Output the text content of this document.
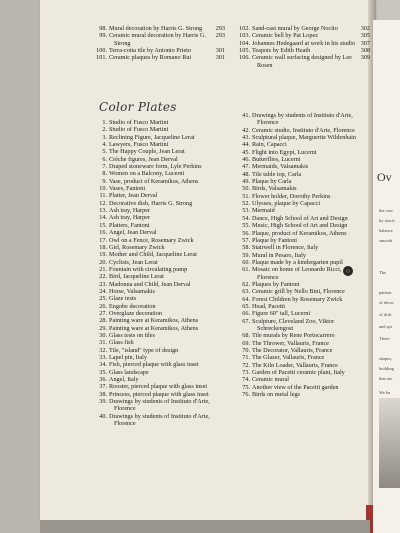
98. Mural decoration by Harris G. Strong	293
99. Ceramic mural decoration by Harris G. Strong
293
100. Terra-cotta tile by Antonio Prieto	301
101. Ceramic plaques by Romano Rui	301
102. Sand-cast mural by George Nocito	302
103. Ceramic bell by Pat Lopez	305
104. Johannes Hedegaard at work in his studio 307
105. Teapots by Edith Heath	308
106. Ceramic wall surfacing designed by Lee Rosen
309
Color Plates
1. Studio of Fusco Martini
2. Studio of Fusco Martini
3. Reclining Figure, Jacqueline Lerat
4. Lawyers, Fusco Martini
5. The Happy Couple, Jean Lerat
6. Crèche figures, Jean Derval
7. Draped stoneware form, Lyle Perkins
8. Women on a Balcony, Lucerni
9. Vase, product of Keramikos, Athens
10. Vases, Fantoni
11. Platter, Jean Derval
12. Decorative dish, Harris G. Strong
13. Ash tray, Harper
14. Ash tray, Harper
15. Platters, Fantoni
16. Angel, Jean Derval
17. Owl on a Fence, Rosemary Zwick
18. Girl, Rosemary Zwick
19. Mother and Child, Jacqueline Lerat
20. Cyclists, Jean Lerat
21. Fountain with circulating pump
22. Bird, Jacqueline Lerat
23. Madonna and Child, Jean Derval
24. Horse, Valsamakis
25. Glaze tests
26. Engobe decoration
27. Overglaze decoration
28. Painting ware at Keramikos, Athens
29. Painting ware at Keramikos, Athens
30. Glass tests on tiles
31. Glass fish
32. Tile, "island" type of design
33. Lapel pin, Italy
34. Fish, pierced plaque with glass inset
35. Glass landscape
36. Angel, Italy
37. Rooster, pierced plaque with glass inset
38. Princess, pierced plaque with glass inset
39. Drawings by students of Instituto d'Arte, Florence
40. Drawings by students of Instituto d'Arte, Florence
41. Drawings by students of Instituto d'Arte, Florence
42. Ceramic studio, Instituto d'Arte, Florence
43. Sculptural plaque, Marguerite Wildenhain
44. Rain, Capacci
45. Flight into Egypt, Lucerni
46. Butterflies, Lucerni
47. Mermaids, Valsamakis
48. Tile table top, Carla
49. Plaque by Carla
50. Birds, Valsamakis
51. Flower holder, Dorothy Perkins
52. Ulysses, plaque by Capacci
53. Mermaid
54. Dance, High School of Art and Design
55. Music, High School of Art and Design
56. Plaque, product of Keramikos, Athens
57. Plaque by Fantoni
58. Stairwell in Florence, Italy
59. Mural in Pesaro, Italy
60. Plaque made by a kindergarten pupil
61. Mosaic on home of Leonardo Ricci, Florence
62. Plaques by Fantoni
63. Ceramic grill by Nello Bini, Florence
64. Forest Children by Rosemary Zwick
65. Head, Pacetti
66. Figure 60" tall, Lucerni
67. Sculpture, Cleveland Zoo, Viktor Schreckengost
68. Tile murals by Rene Portocarrero
69. The Thrower, Vallauris, France
70. The Decorator, Vallauris, France
71. The Glazer, Vallauris, France
72. The Kiln Loader, Vallauris, France
73. Garden of Pacetti ceramic plant, Italy
74. Ceramic mural
75. Another view of the Pacetti garden
76. Birds on metal legs
○
Ov
the cruc
by touch
balance
smooth
The
pattern
of decor
of drift
and spi
There
shapes,
building
that are
We ha
